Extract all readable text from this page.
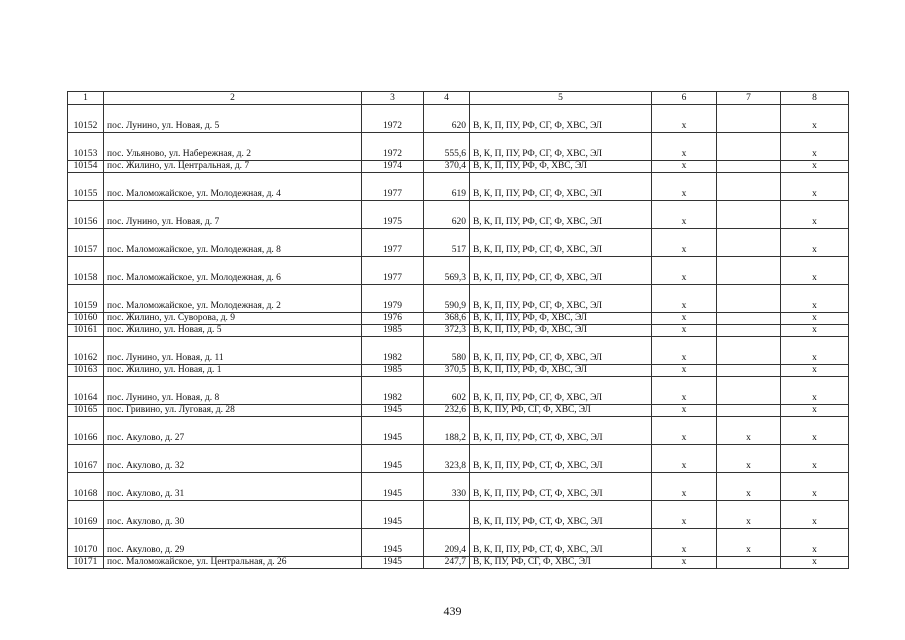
1	2	3	4	5	6	7	8
10152	пос. Лунино, ул. Новая, д. 5	1972	620	В, К, П, ПУ, РФ, СГ, Ф, ХВС, ЭЛ	x		x
10153	пос. Ульяново, ул. Набережная, д. 2	1972	555,6	В, К, П, ПУ, РФ, СГ, Ф, ХВС, ЭЛ	x		x
10154	пос. Жилино, ул. Центральная, д. 7	1974	370,4	В, К, П, ПУ, РФ, Ф, ХВС, ЭЛ	x		x
10155	пос. Маломожайское, ул. Молодежная, д. 4	1977	619	В, К, П, ПУ, РФ, СГ, Ф, ХВС, ЭЛ	x		x
10156	пос. Лунино, ул. Новая, д. 7	1975	620	В, К, П, ПУ, РФ, СГ, Ф, ХВС, ЭЛ	x		x
10157	пос. Маломожайское, ул. Молодежная, д. 8	1977	517	В, К, П, ПУ, РФ, СГ, Ф, ХВС, ЭЛ	x		x
10158	пос. Маломожайское, ул. Молодежная, д. 6	1977	569,3	В, К, П, ПУ, РФ, СГ, Ф, ХВС, ЭЛ	x		x
10159	пос. Маломожайское, ул. Молодежная, д. 2	1979	590,9	В, К, П, ПУ, РФ, СГ, Ф, ХВС, ЭЛ	x		x
10160	пос. Жилино, ул. Суворова, д. 9	1976	368,6	В, К, П, ПУ, РФ, Ф, ХВС, ЭЛ	x		x
10161	пос. Жилино, ул. Новая, д. 5	1985	372,3	В, К, П, ПУ, РФ, Ф, ХВС, ЭЛ	x		x
10162	пос. Лунино, ул. Новая, д. 11	1982	580	В, К, П, ПУ, РФ, СГ, Ф, ХВС, ЭЛ	x		x
10163	пос. Жилино, ул. Новая, д. 1	1985	370,5	В, К, П, ПУ, РФ, Ф, ХВС, ЭЛ	x		x
10164	пос. Лунино, ул. Новая, д. 8	1982	602	В, К, П, ПУ, РФ, СГ, Ф, ХВС, ЭЛ	x		x
10165	пос. Гривино, ул. Луговая, д. 28	1945	232,6	В, К, ПУ, РФ, СГ, Ф, ХВС, ЭЛ	x		x
10166	пос. Акулово, д. 27	1945	188,2	В, К, П, ПУ, РФ, СТ, Ф, ХВС, ЭЛ	x	x	x
10167	пос. Акулово, д. 32	1945	323,8	В, К, П, ПУ, РФ, СТ, Ф, ХВС, ЭЛ	x	x	x
10168	пос. Акулово, д. 31	1945	330	В, К, П, ПУ, РФ, СТ, Ф, ХВС, ЭЛ	x	x	x
10169	пос. Акулово, д. 30	1945		В, К, П, ПУ, РФ, СТ, Ф, ХВС, ЭЛ	x	x	x
10170	пос. Акулово, д. 29	1945	209,4	В, К, П, ПУ, РФ, СТ, Ф, ХВС, ЭЛ	x	x	x
10171	пос. Маломожайское, ул. Центральная, д. 26	1945	247,7	В, К, ПУ, РФ, СГ, Ф, ХВС, ЭЛ	x		x
439
